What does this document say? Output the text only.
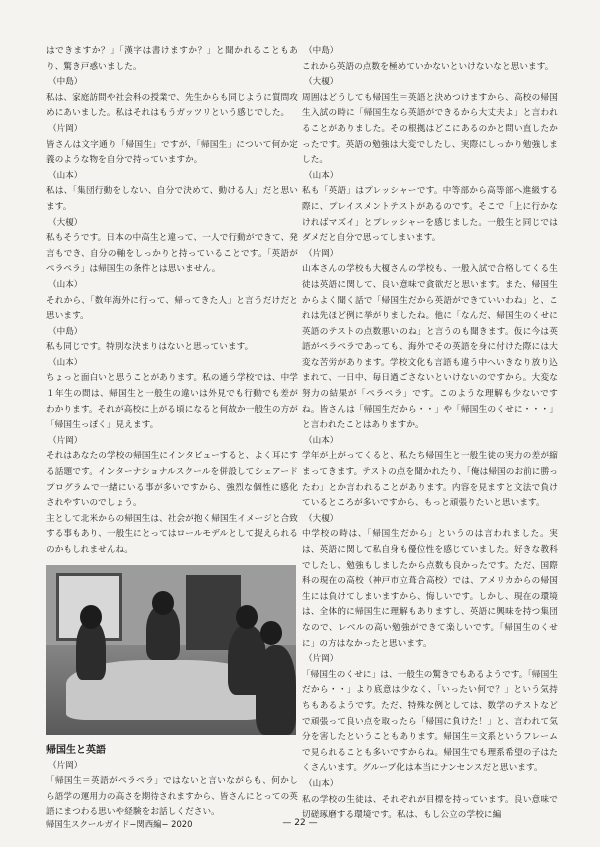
はできますか？」「漢字は書けますか？」と聞かれることもあり、驚き戸惑いました。

（中島）

私は、家庭訪問や社会科の授業で、先生からも同じように質問攻めにあいました。私はそれはもうガッツリという感じでした。

（片岡）

皆さんは文字通り「帰国生」ですが、「帰国生」について何か定義のような物を自分で持っていますか。

（山本）

私は、「集団行動をしない、自分で決めて、動ける人」だと思います。

（大榎）

私もそうです。日本の中高生と違って、一人で行動ができて、発言もでき、自分の軸をしっかりと持っていることです。「英語がペラペラ」は帰国生の条件とは思いません。

（山本）

それから、「数年海外に行って、帰ってきた人」と言うだけだと思います。

（中島）

私も同じです。特別な決まりはないと思っています。

（山本）

ちょっと面白いと思うことがあります。私の通う学校では、中学１年生の間は、帰国生と一般生の違いは外見でも行動でも差がわかります。それが高校に上がる頃になると何故か一般生の方が「帰国生っぽく」見えます。

（片岡）

それはあなたの学校の帰国生にインタビューすると、よく耳にする話題です。インターナショナルスクールを併設してシェアードプログラムで一緒にいる事が多いですから、強烈な個性に感化されやすいのでしょう。

主として北米からの帰国生は、社会が抱く帰国生イメージと合致する事もあり、一般生にとってはロールモデルとして捉えられるのかもしれませんね。

帰国生と英語

（片岡）

「帰国生＝英語がペラペラ」ではないと言いながらも、何かしら語学の運用力の高さを期待されますから、皆さんにとっての英語にまつわる思いや経験をお話しください。

（中島）

これから英語の点数を極めていかないといけないなと思います。

（大榎）

周囲はどうしても帰国生＝英語と決めつけますから、高校の帰国生入試の時に「帰国生なら英語ができるから大丈夫よ」と言われることがありました。その根拠はどこにあるのかと問い直したかったです。英語の勉強は大変でしたし、実際にしっかり勉強しました。

（山本）

私も「英語」はプレッシャーです。中等部から高等部へ進級する際に、プレイスメントテストがあるのです。そこで「上に行かなければマズイ」とプレッシャーを感じました。一般生と同じではダメだと自分で思ってしまいます。

（片岡）

山本さんの学校も大榎さんの学校も、一般入試で合格してくる生徒は英語に関して、良い意味で貪欲だと思います。また、帰国生からよく聞く話で「帰国生だから英語ができていいわね」と、これは先ほど例に挙がりましたね。他に「なんだ、帰国生のくせに英語のテストの点数悪いのね」と言うのも聞きます。仮に今は英語がペラペラであっても、海外でその英語を身に付けた際には大変な苦労があります。学校文化も言語も違う中へいきなり放り込まれて、一日中、毎日過ごさないといけないのですから。大変な努力の結果が「ペラペラ」です。このような理解も少ないですね。皆さんは「帰国生だから・・」や「帰国生のくせに・・・」と言われたことはありますか。

（山本）

学年が上がってくると、私たち帰国生と一般生徒の実力の差が縮まってきます。テストの点を聞かれたり、「俺は帰国のお前に勝ったわ」とか言われることがあります。内容を見ますと文法で負けているところが多いですから、もっと頑張りたいと思います。

（大榎）

中学校の時は、「帰国生だから」というのは言われました。実は、英語に関して私自身も優位性を感じていました。好きな教科でしたし、勉強もしましたから点数も良かったです。ただ、国際科の現在の高校（神戸市立葺合高校）では、アメリカからの帰国生には負けてしまいますから、悔しいです。しかし、現在の環境は、全体的に帰国生に理解もありますし、英語に興味を持つ集団なので、レベルの高い勉強ができて楽しいです。「帰国生のくせに」の方はなかったと思います。

（片岡）

「帰国生のくせに」は、一般生の驚きでもあるようです。「帰国生だから・・」より底意は少なく、「いったい何で？」という気持ちもあるようです。ただ、特殊な例としては、数学のテストなどで頑張って良い点を取ったら「帰国に負けた！」と、言われて気分を害したということもあります。帰国生＝文系というフレームで見られることも多いですからね。帰国生でも理系希望の子はたくさんいます。グループ化は本当にナンセンスだと思います。

（山本）

私の学校の生徒は、それぞれが目標を持っています。良い意味で切磋琢磨する環境です。私は、もし公立の学校に編

帰国生スクールガイド−関西編− 2020	— 22 —
